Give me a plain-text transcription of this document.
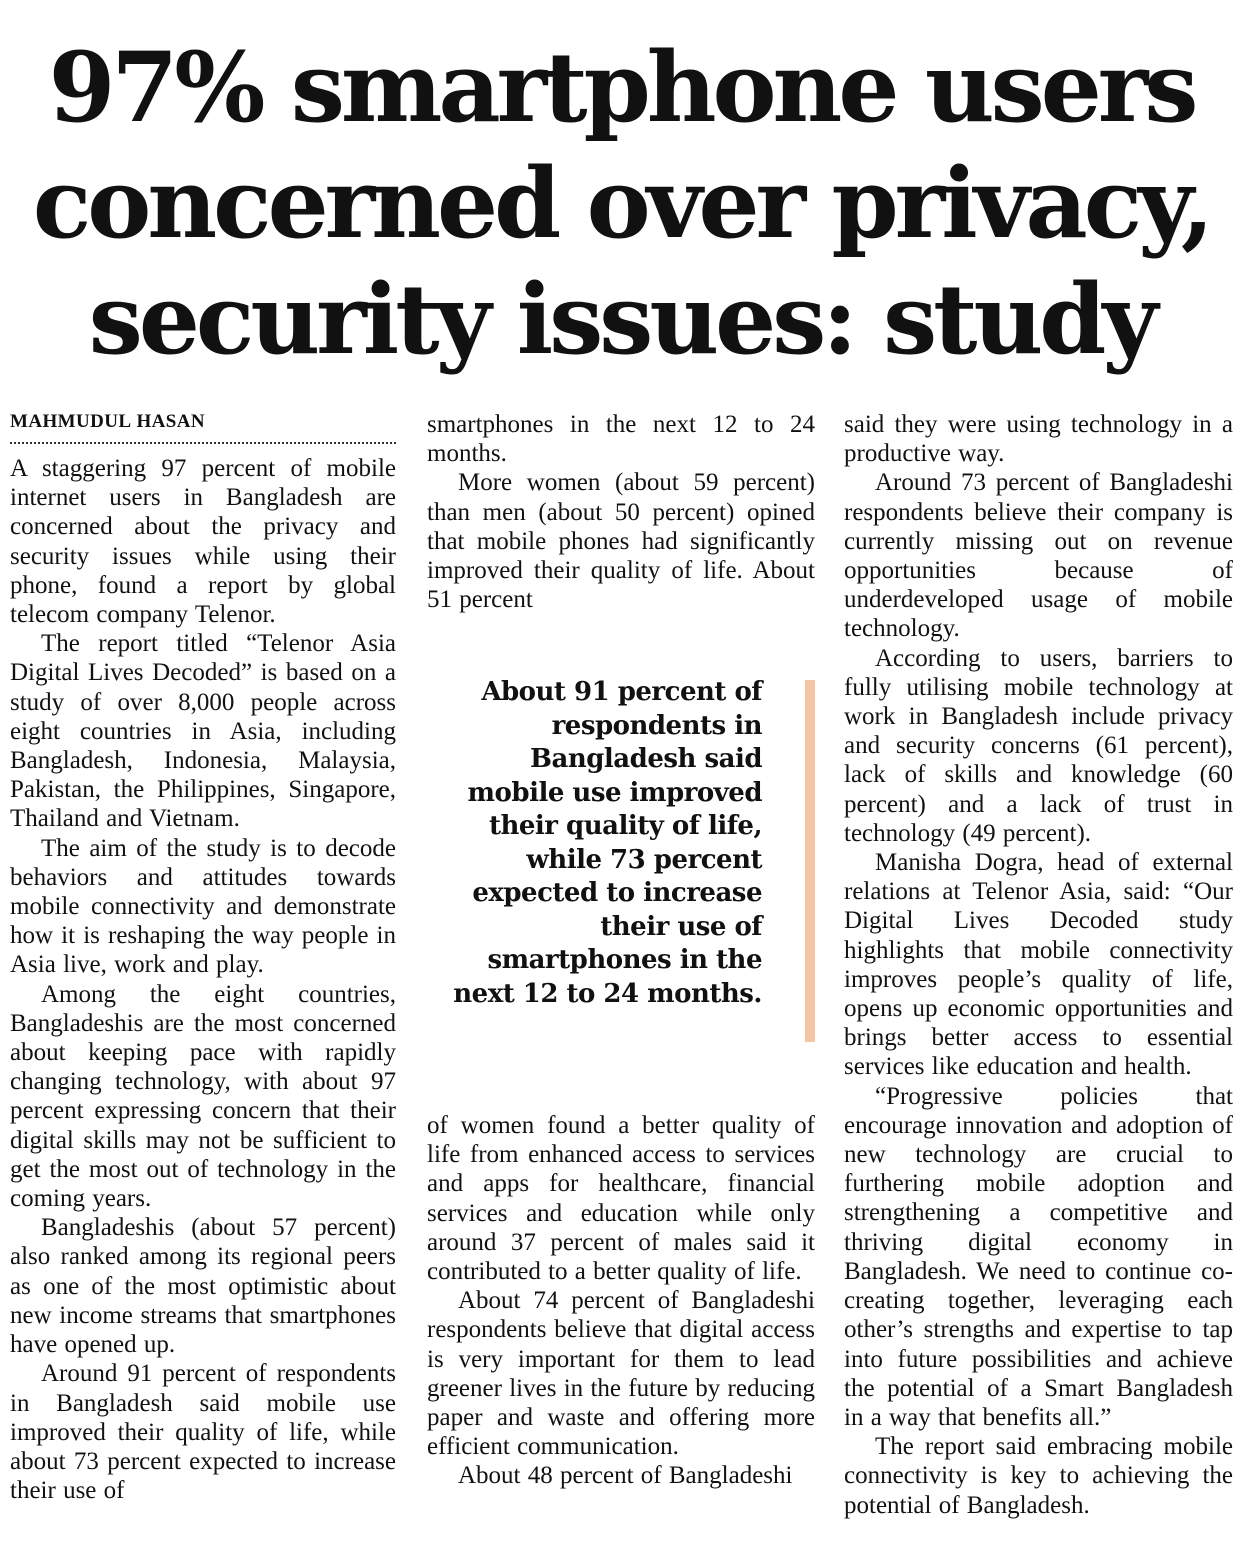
97% smartphone users concerned over privacy, security issues: study
MAHMUDUL HASAN

A staggering 97 percent of mobile internet users in Bangladesh are concerned about the privacy and security issues while using their phone, found a report by global telecom company Telenor.

The report titled “Telenor Asia Digital Lives Decoded” is based on a study of over 8,000 people across eight countries in Asia, including Bangladesh, Indonesia, Malaysia, Pakistan, the Philippines, Singapore, Thailand and Vietnam.

The aim of the study is to decode behaviors and attitudes towards mobile connectivity and demonstrate how it is reshaping the way people in Asia live, work and play.

Among the eight countries, Bangladeshis are the most concerned about keeping pace with rapidly changing technology, with about 97 percent expressing concern that their digital skills may not be sufficient to get the most out of technology in the coming years.

Bangladeshis (about 57 percent) also ranked among its regional peers as one of the most optimistic about new income streams that smartphones have opened up.

Around 91 percent of respondents in Bangladesh said mobile use improved their quality of life, while about 73 percent expected to increase their use of

smartphones in the next 12 to 24 months.

More women (about 59 percent) than men (about 50 percent) opined that mobile phones had significantly improved their quality of life. About 51 percent

About 91 percent of respondents in Bangladesh said mobile use improved their quality of life, while 73 percent expected to increase their use of smartphones in the next 12 to 24 months.

of women found a better quality of life from enhanced access to services and apps for healthcare, financial services and education while only around 37 percent of males said it contributed to a better quality of life.

About 74 percent of Bangladeshi respondents believe that digital access is very important for them to lead greener lives in the future by reducing paper and waste and offering more efficient communication.

About 48 percent of Bangladeshi

said they were using technology in a productive way.

Around 73 percent of Bangladeshi respondents believe their company is currently missing out on revenue opportunities because of underdeveloped usage of mobile technology.

According to users, barriers to fully utilising mobile technology at work in Bangladesh include privacy and security concerns (61 percent), lack of skills and knowledge (60 percent) and a lack of trust in technology (49 percent).

Manisha Dogra, head of external relations at Telenor Asia, said: “Our Digital Lives Decoded study highlights that mobile connectivity improves people’s quality of life, opens up economic opportunities and brings better access to essential services like education and health.

“Progressive policies that encourage innovation and adoption of new technology are crucial to furthering mobile adoption and strengthening a competitive and thriving digital economy in Bangladesh. We need to continue co-creating together, leveraging each other’s strengths and expertise to tap into future possibilities and achieve the potential of a Smart Bangladesh in a way that benefits all.”

The report said embracing mobile connectivity is key to achieving the potential of Bangladesh.
